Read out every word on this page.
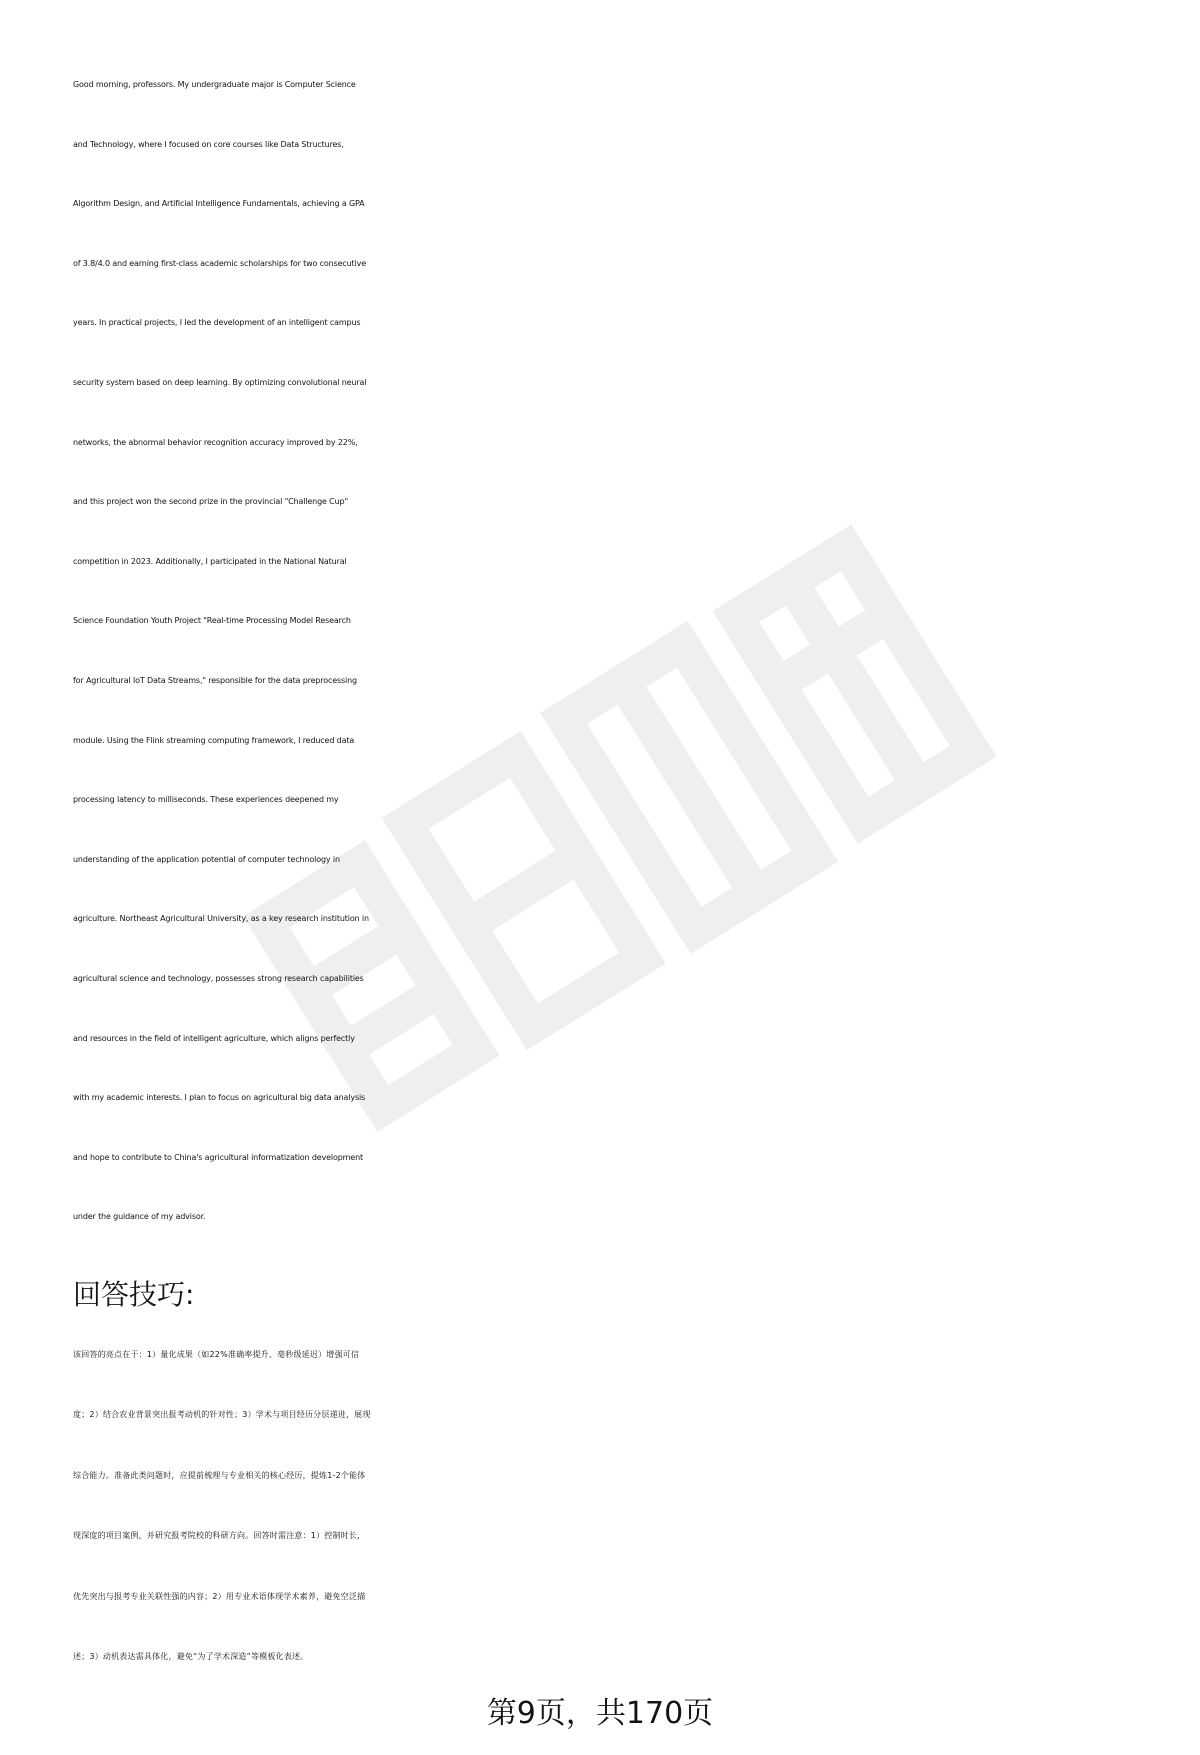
Good morning, professors. My undergraduate major is Computer Science
and Technology, where I focused on core courses like Data Structures,
Algorithm Design, and Artificial Intelligence Fundamentals, achieving a GPA
of 3.8/4.0 and earning first-class academic scholarships for two consecutive
years. In practical projects, I led the development of an intelligent campus
security system based on deep learning. By optimizing convolutional neural
networks, the abnormal behavior recognition accuracy improved by 22%,
and this project won the second prize in the provincial "Challenge Cup"
competition in 2023. Additionally, I participated in the National Natural
Science Foundation Youth Project "Real-time Processing Model Research
for Agricultural IoT Data Streams," responsible for the data preprocessing
module. Using the Flink streaming computing framework, I reduced data
processing latency to milliseconds. These experiences deepened my
understanding of the application potential of computer technology in
agriculture. Northeast Agricultural University, as a key research institution in
agricultural science and technology, possesses strong research capabilities
and resources in the field of intelligent agriculture, which aligns perfectly
with my academic interests. I plan to focus on agricultural big data analysis
and hope to contribute to China's agricultural informatization development
under the guidance of my advisor.
回答技巧:
该回答的亮点在于：1）量化成果（如22%准确率提升、毫秒级延迟）增强可信
度；2）结合农业背景突出报考动机的针对性；3）学术与项目经历分层递进，展现
综合能力。准备此类问题时，应提前梳理与专业相关的核心经历，提炼1-2个能体
现深度的项目案例，并研究报考院校的科研方向。回答时需注意：1）控制时长，
优先突出与报考专业关联性强的内容；2）用专业术语体现学术素养，避免空泛描
述；3）动机表达需具体化，避免“为了学术深造”等模板化表述。
第9页，共170页
